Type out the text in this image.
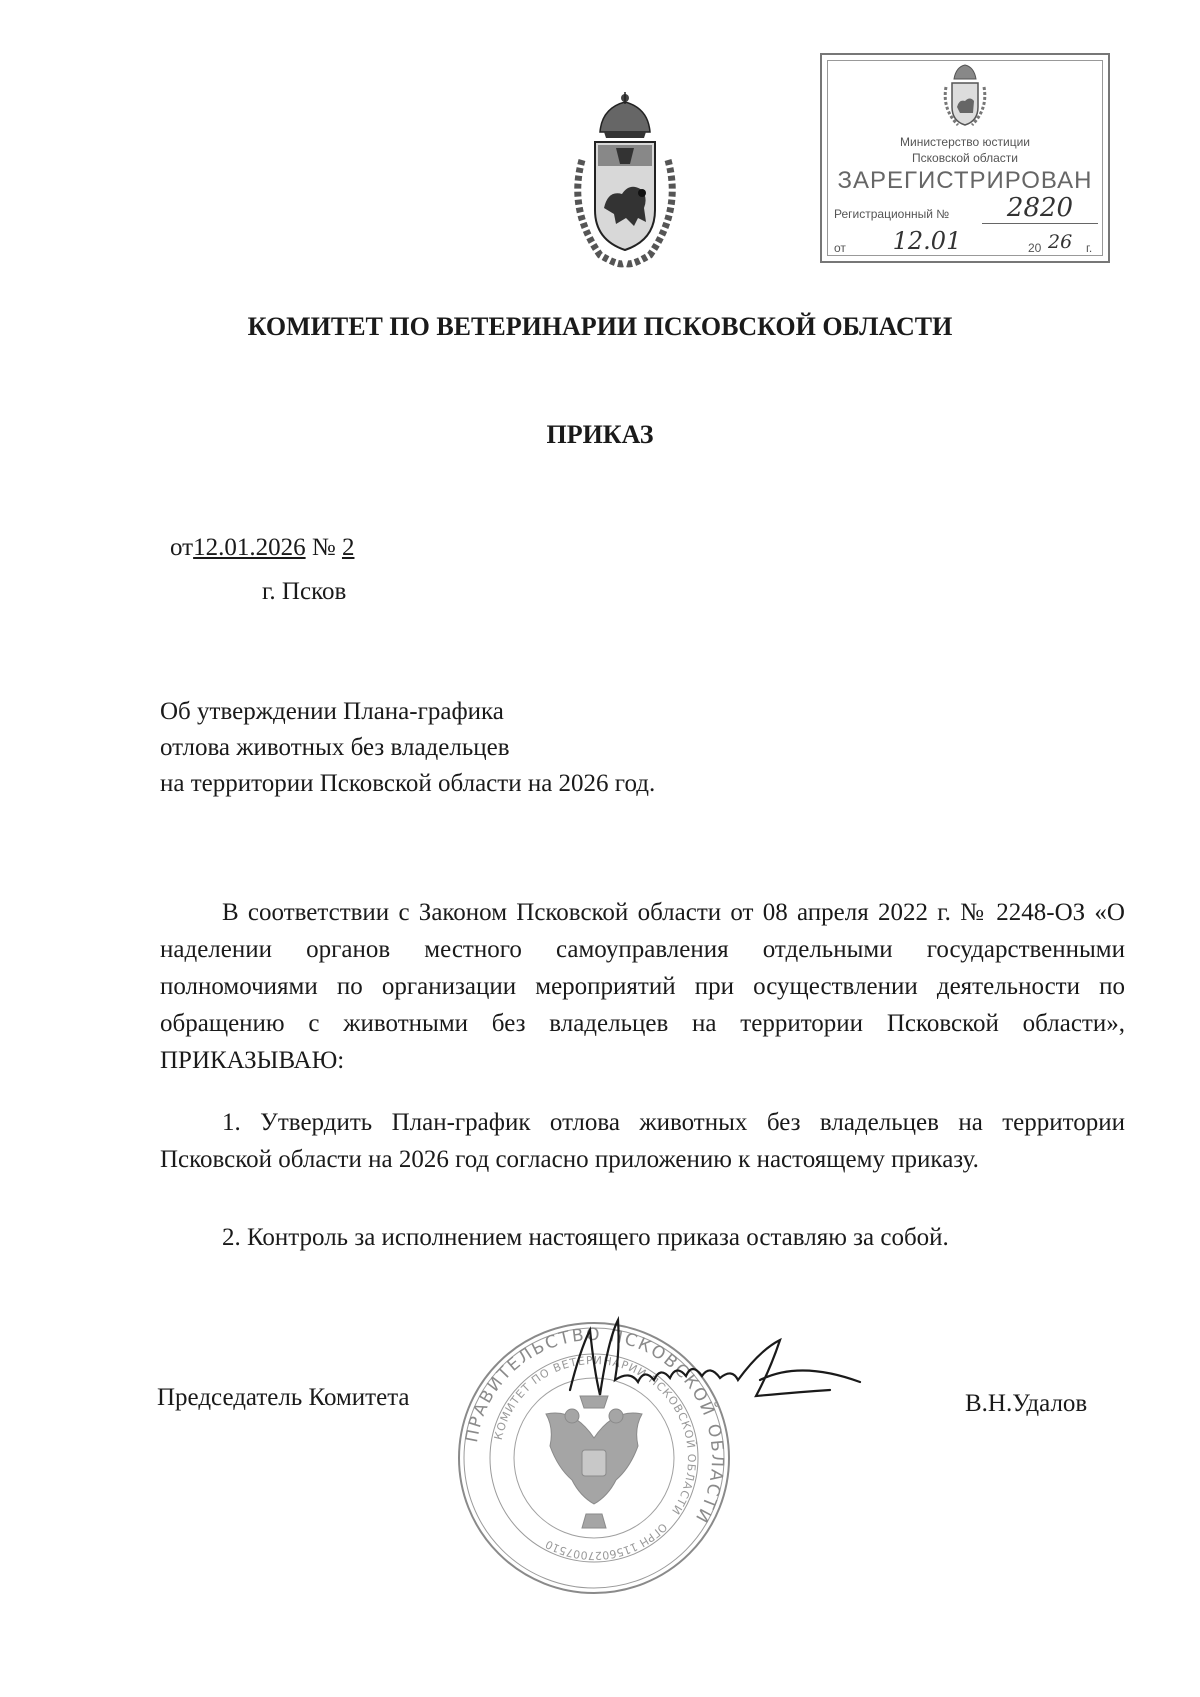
Министерство юстиции
Псковской области
ЗАРЕГИСТРИРОВАН
Регистрационный №	2820
от	12.01	20 26 г.
КОМИТЕТ ПО ВЕТЕРИНАРИИ ПСКОВСКОЙ ОБЛАСТИ
ПРИКАЗ
от12.01.2026 № 2
г. Псков
Об утверждении Плана-графика
отлова животных без владельцев
на территории Псковской области на 2026 год.
В соответствии с Законом Псковской области от 08 апреля 2022 г. № 2248-ОЗ «О наделении органов местного самоуправления отдельными государственными полномочиями по организации мероприятий при осуществлении деятельности по обращению с животными без владельцев на территории Псковской области», ПРИКАЗЫВАЮ:
1. Утвердить План-график отлова животных без владельцев на территории Псковской области на 2026 год согласно приложению к настоящему приказу.
2. Контроль за исполнением настоящего приказа оставляю за собой.
ПРАВИТЕЛЬСТВО ПСКОВСКОЙ ОБЛАСТИ
КОМИТЕТ ПО ВЕТЕРИНАРИИ ПСКОВСКОЙ ОБЛАСТИ
ОГРН 1156027007510
Председатель Комитета	В.Н.Удалов
